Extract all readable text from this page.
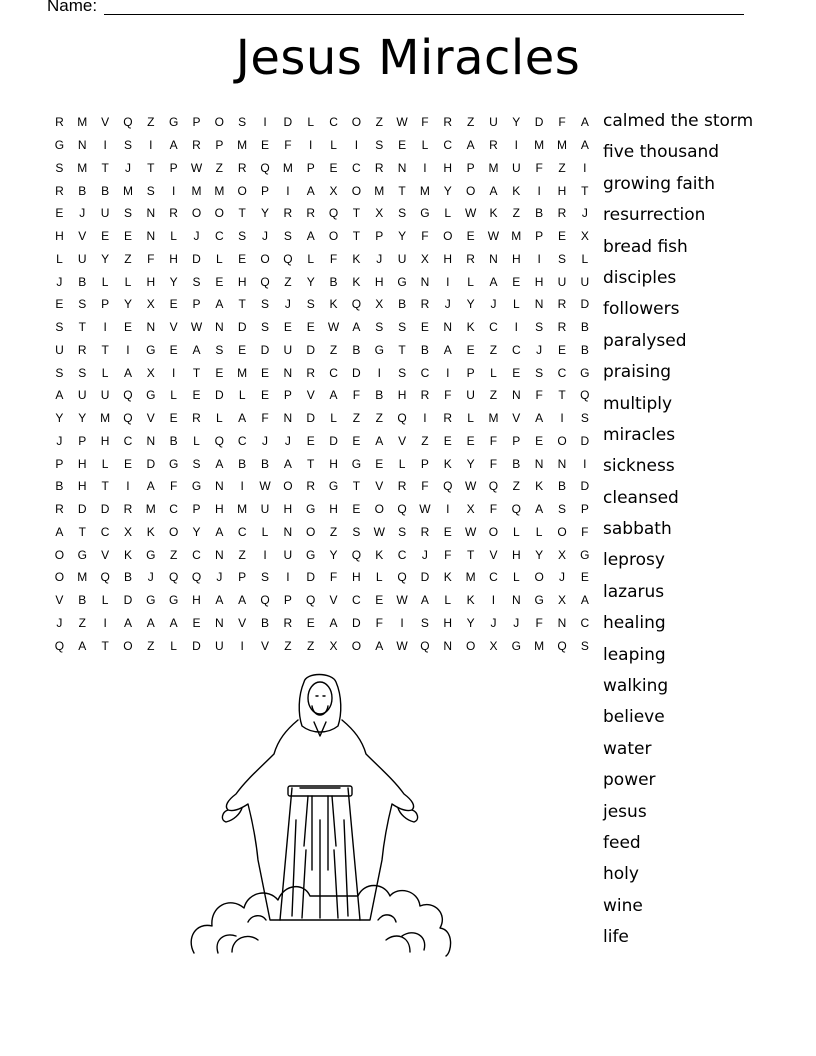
Name:
Jesus Miracles
R	M	V	Q	Z	G	P	O	S	I	D	L	C	O	Z	W	F	R	Z	U	Y	D	F	A
G	N	I	S	I	A	R	P	M	E	F	I	L	I	S	E	L	C	A	R	I	M	M	A
S	M	T	J	T	P	W	Z	R	Q	M	P	E	C	R	N	I	H	P	M	U	F	Z	I
R	B	B	M	S	I	M	M	O	P	I	A	X	O	M	T	M	Y	O	A	K	I	H	T
E	J	U	S	N	R	O	O	T	Y	R	R	Q	T	X	S	G	L	W	K	Z	B	R	J
H	V	E	E	N	L	J	C	S	J	S	A	O	T	P	Y	F	O	E	W	M	P	E	X
L	U	Y	Z	F	H	D	L	E	O	Q	L	F	K	J	U	X	H	R	N	H	I	S	L
J	B	L	L	H	Y	S	E	H	Q	Z	Y	B	K	H	G	N	I	L	A	E	H	U	U
E	S	P	Y	X	E	P	A	T	S	J	S	K	Q	X	B	R	J	Y	J	L	N	R	D
S	T	I	E	N	V	W	N	D	S	E	E	W	A	S	S	E	N	K	C	I	S	R	B
U	R	T	I	G	E	A	S	E	D	U	D	Z	B	G	T	B	A	E	Z	C	J	E	B
S	S	L	A	X	I	T	E	M	E	N	R	C	D	I	S	C	I	P	L	E	S	C	G
A	U	U	Q	G	L	E	D	L	E	P	V	A	F	B	H	R	F	U	Z	N	F	T	Q
Y	Y	M	Q	V	E	R	L	A	F	N	D	L	Z	Z	Q	I	R	L	M	V	A	I	S
J	P	H	C	N	B	L	Q	C	J	J	E	D	E	A	V	Z	E	E	F	P	E	O	D
P	H	L	E	D	G	S	A	B	B	A	T	H	G	E	L	P	K	Y	F	B	N	N	I
B	H	T	I	A	F	G	N	I	W	O	R	G	T	V	R	F	Q	W	Q	Z	K	B	D
R	D	D	R	M	C	P	H	M	U	H	G	H	E	O	Q	W	I	X	F	Q	A	S	P
A	T	C	X	K	O	Y	A	C	L	N	O	Z	S	W	S	R	E	W	O	L	L	O	F
O	G	V	K	G	Z	C	N	Z	I	U	G	Y	Q	K	C	J	F	T	V	H	Y	X	G
O	M	Q	B	J	Q	Q	J	P	S	I	D	F	H	L	Q	D	K	M	C	L	O	J	E
V	B	L	D	G	G	H	A	A	Q	P	Q	V	C	E	W	A	L	K	I	N	G	X	A
J	Z	I	A	A	A	E	N	V	B	R	E	A	D	F	I	S	H	Y	J	J	F	N	C
Q	A	T	O	Z	L	D	U	I	V	Z	Z	X	O	A	W	Q	N	O	X	G	M	Q	S
calmed the storm
five thousand
growing faith
resurrection
bread fish
disciples
followers
paralysed
praising
multiply
miracles
sickness
cleansed
sabbath
leprosy
lazarus
healing
leaping
walking
believe
water
power
jesus
feed
holy
wine
life
